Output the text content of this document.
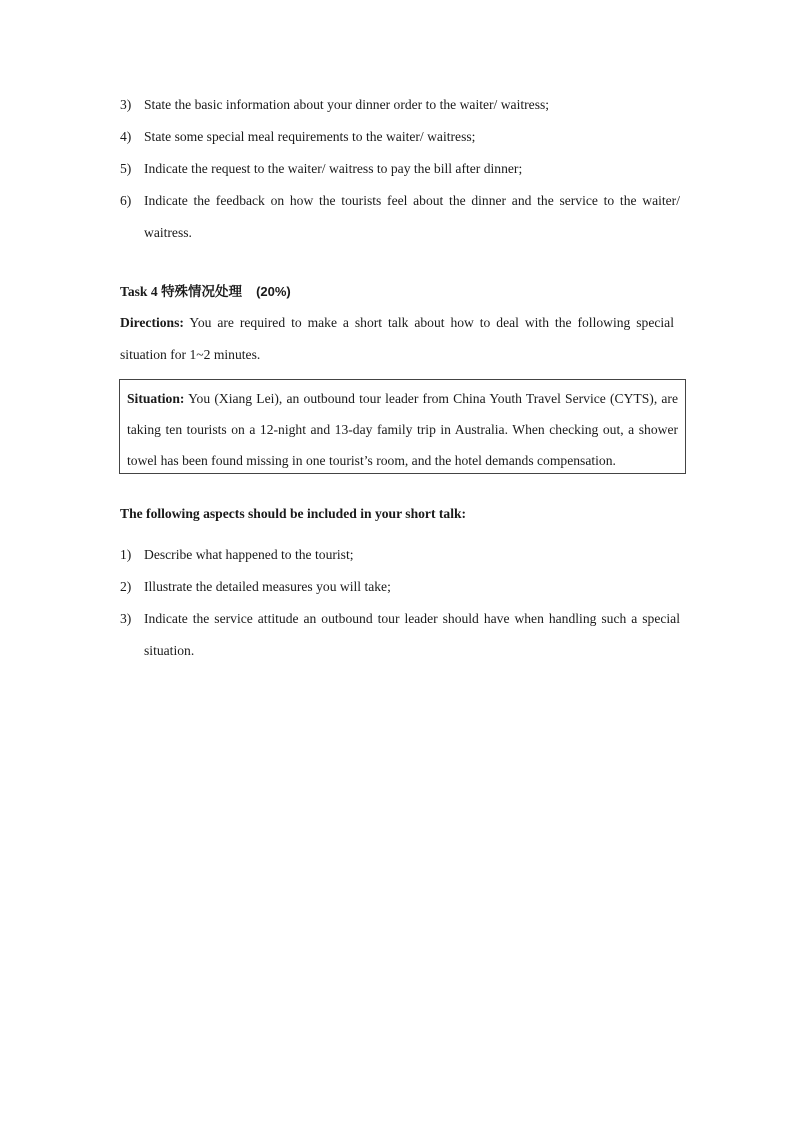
3) State the basic information about your dinner order to the waiter/ waitress;
4) State some special meal requirements to the waiter/ waitress;
5) Indicate the request to the waiter/ waitress to pay the bill after dinner;
6) Indicate the feedback on how the tourists feel about the dinner and the service to the waiter/ waitress.
Task 4 特殊情况处理 (20%)
Directions: You are required to make a short talk about how to deal with the following special situation for 1~2 minutes.
Situation: You (Xiang Lei), an outbound tour leader from China Youth Travel Service (CYTS), are taking ten tourists on a 12-night and 13-day family trip in Australia. When checking out, a shower towel has been found missing in one tourist’s room, and the hotel demands compensation.
The following aspects should be included in your short talk:
1) Describe what happened to the tourist;
2) Illustrate the detailed measures you will take;
3) Indicate the service attitude an outbound tour leader should have when handling such a special situation.
